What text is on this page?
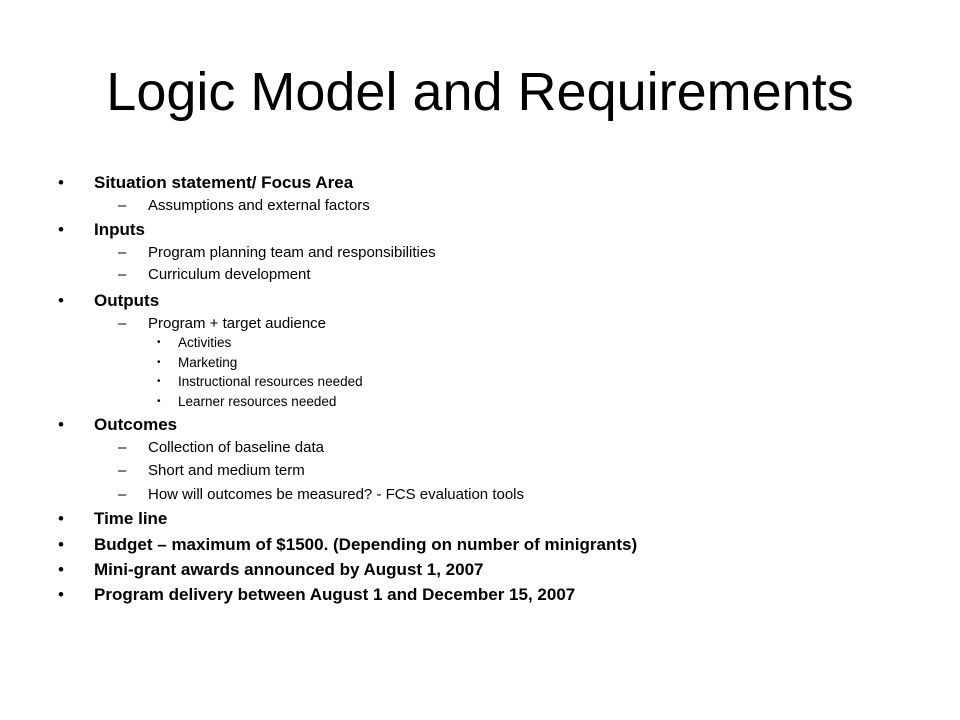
Logic Model and Requirements
• Situation statement/ Focus Area
– Assumptions and external factors
• Inputs
– Program planning team and responsibilities
– Curriculum development
• Outputs
– Program + target audience
• Activities
• Marketing
• Instructional resources needed
• Learner resources needed
• Outcomes
– Collection of baseline data
– Short and medium term
– How will outcomes be measured? - FCS evaluation tools
• Time line
• Budget – maximum of $1500. (Depending on number of minigrants)
• Mini-grant awards announced by August 1, 2007
• Program delivery between August 1 and December 15, 2007
